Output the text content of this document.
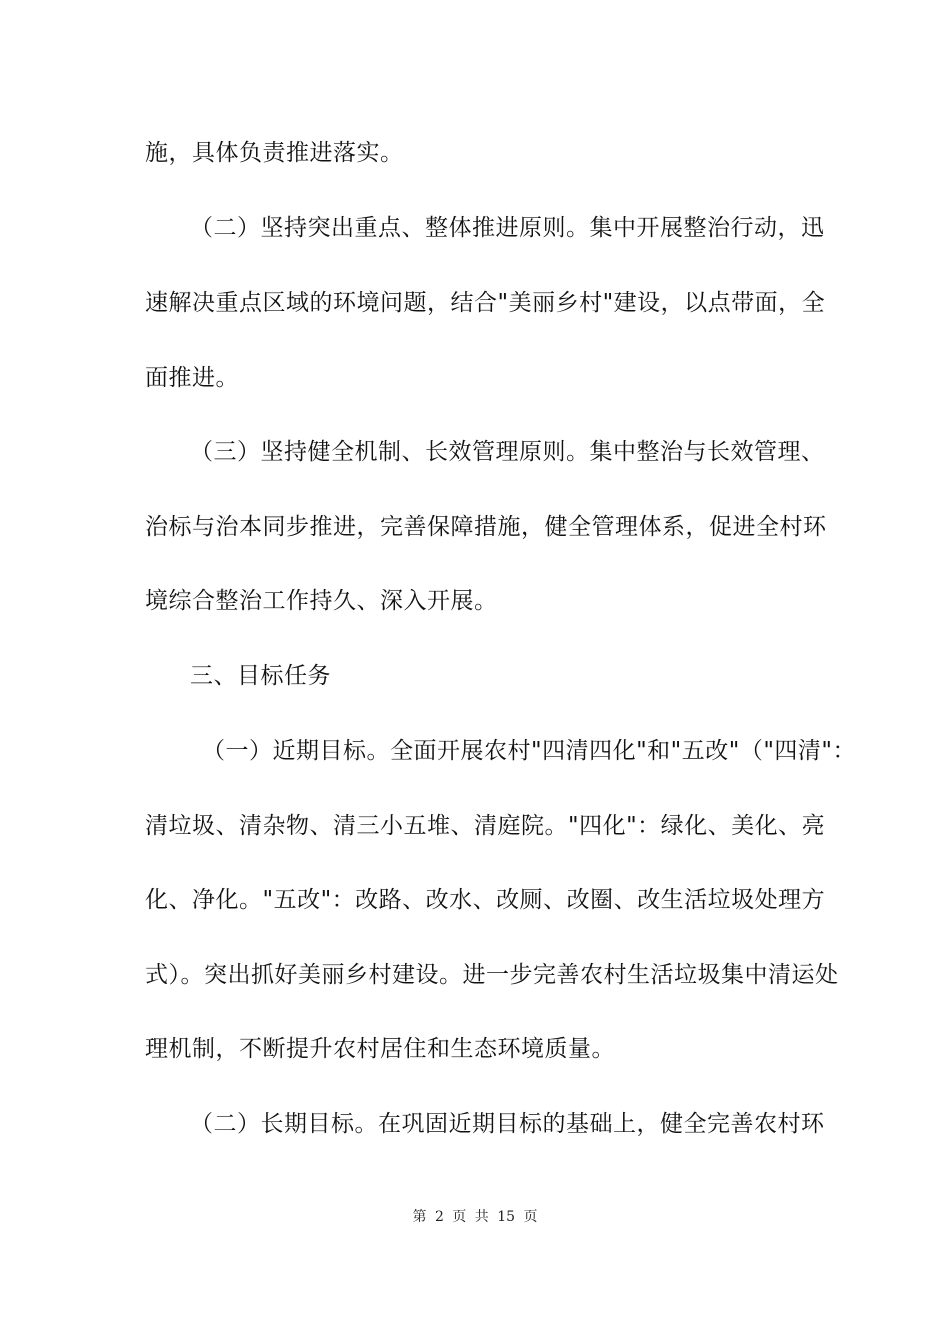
施，具体负责推进落实。
（二）坚持突出重点、整体推进原则。集中开展整治行动，迅
速解决重点区域的环境问题，结合"美丽乡村"建设，以点带面，全
面推进。
（三）坚持健全机制、长效管理原则。集中整治与长效管理、
治标与治本同步推进，完善保障措施，健全管理体系，促进全村环
境综合整治工作持久、深入开展。
三、目标任务
（一）近期目标。全面开展农村"四清四化"和"五改"（"四清"：
清垃圾、清杂物、清三小五堆、清庭院。"四化"：绿化、美化、亮
化、净化。"五改"：改路、改水、改厕、改圈、改生活垃圾处理方
式）。突出抓好美丽乡村建设。进一步完善农村生活垃圾集中清运处
理机制，不断提升农村居住和生态环境质量。
（二）长期目标。在巩固近期目标的基础上，健全完善农村环
第 2 页 共 15 页
